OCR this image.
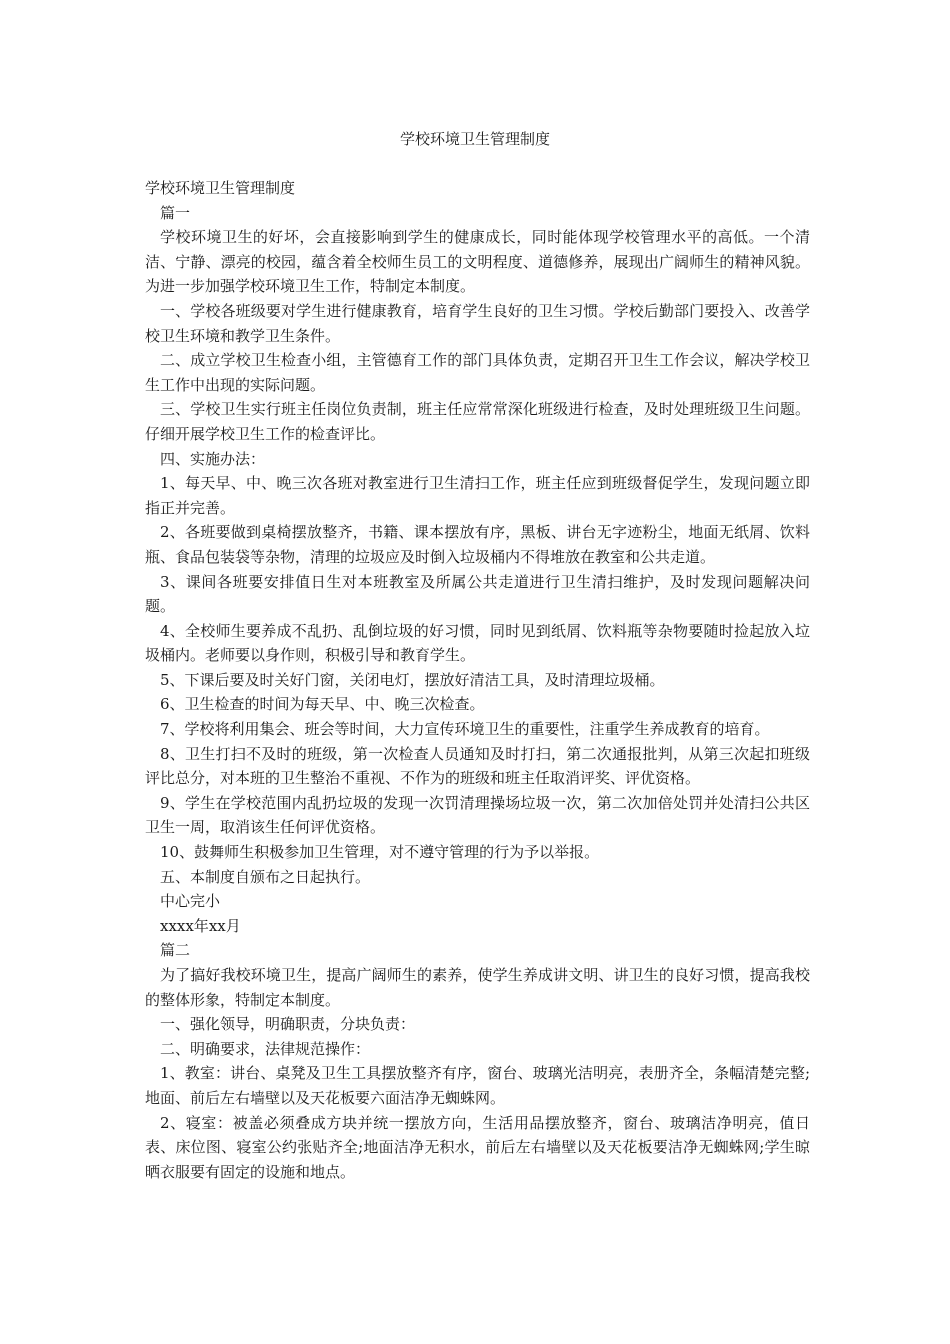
学校环境卫生管理制度

学校环境卫生管理制度

篇一

学校环境卫生的好坏，会直接影响到学生的健康成长，同时能体现学校管理水平的高低。一个清洁、宁静、漂亮的校园，蕴含着全校师生员工的文明程度、道德修养，展现出广阔师生的精神风貌。为进一步加强学校环境卫生工作，特制定本制度。

一、学校各班级要对学生进行健康教育，培育学生良好的卫生习惯。学校后勤部门要投入、改善学校卫生环境和教学卫生条件。

二、成立学校卫生检查小组，主管德育工作的部门具体负责，定期召开卫生工作会议，解决学校卫生工作中出现的实际问题。

三、学校卫生实行班主任岗位负责制，班主任应常常深化班级进行检查，及时处理班级卫生问题。仔细开展学校卫生工作的检查评比。

四、实施办法：

1、每天早、中、晚三次各班对教室进行卫生清扫工作，班主任应到班级督促学生，发现问题立即指正并完善。

2、各班要做到桌椅摆放整齐，书籍、课本摆放有序，黑板、讲台无字迹粉尘，地面无纸屑、饮料瓶、食品包装袋等杂物，清理的垃圾应及时倒入垃圾桶内不得堆放在教室和公共走道。

3、课间各班要安排值日生对本班教室及所属公共走道进行卫生清扫维护，及时发现问题解决问题。

4、全校师生要养成不乱扔、乱倒垃圾的好习惯，同时见到纸屑、饮料瓶等杂物要随时捡起放入垃圾桶内。老师要以身作则，积极引导和教育学生。

5、下课后要及时关好门窗，关闭电灯，摆放好清洁工具，及时清理垃圾桶。

6、卫生检查的时间为每天早、中、晚三次检查。

7、学校将利用集会、班会等时间，大力宣传环境卫生的重要性，注重学生养成教育的培育。

8、卫生打扫不及时的班级，第一次检查人员通知及时打扫，第二次通报批判，从第三次起扣班级评比总分，对本班的卫生整治不重视、不作为的班级和班主任取消评奖、评优资格。

9、学生在学校范围内乱扔垃圾的发现一次罚清理操场垃圾一次，第二次加倍处罚并处清扫公共区卫生一周，取消该生任何评优资格。

10、鼓舞师生积极参加卫生管理，对不遵守管理的行为予以举报。

五、本制度自颁布之日起执行。

中心完小

xxxx年xx月

篇二

为了搞好我校环境卫生，提高广阔师生的素养，使学生养成讲文明、讲卫生的良好习惯，提高我校的整体形象，特制定本制度。

一、强化领导，明确职责，分块负责：

二、明确要求，法律规范操作：

1、教室：讲台、桌凳及卫生工具摆放整齐有序，窗台、玻璃光洁明亮，表册齐全，条幅清楚完整;地面、前后左右墙壁以及天花板要六面洁净无蜘蛛网。

2、寝室：被盖必须叠成方块并统一摆放方向，生活用品摆放整齐，窗台、玻璃洁净明亮，值日表、床位图、寝室公约张贴齐全;地面洁净无积水，前后左右墙壁以及天花板要洁净无蜘蛛网;学生晾晒衣服要有固定的设施和地点。
